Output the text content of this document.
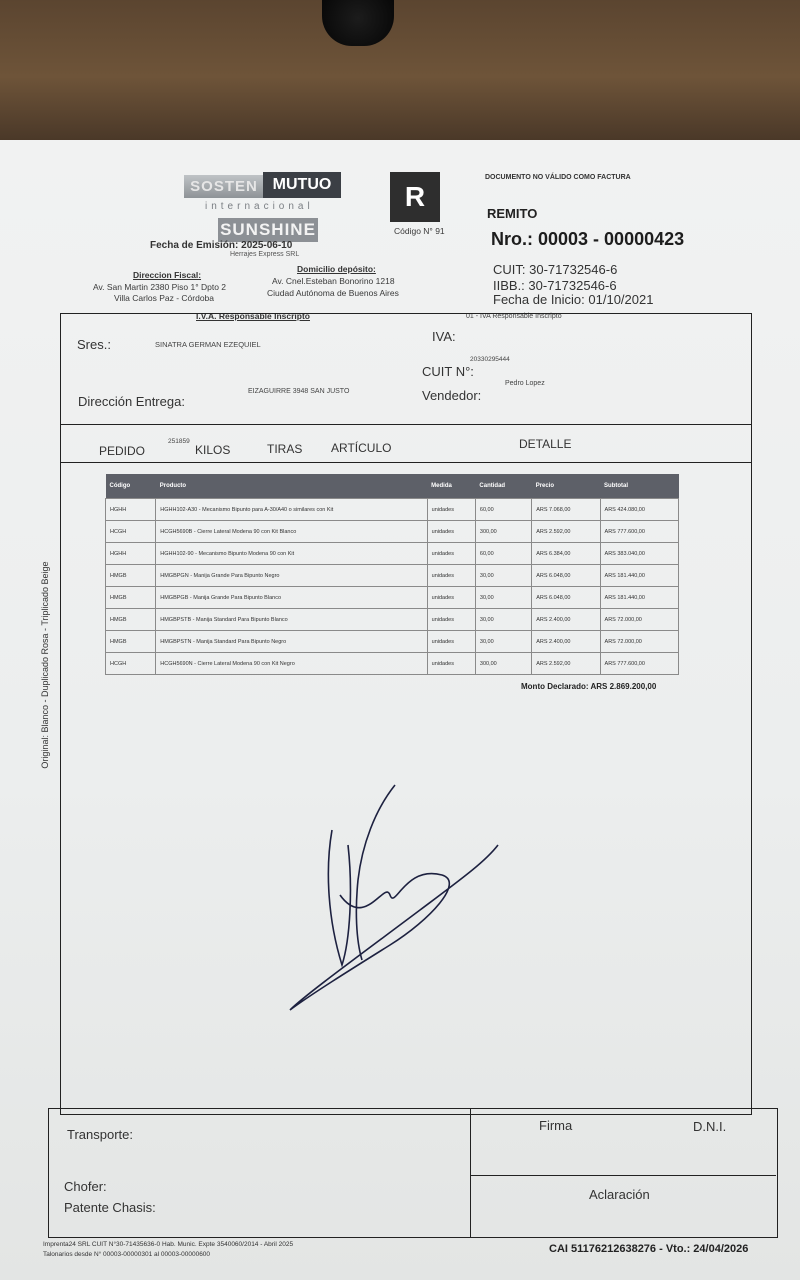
SOSTEN MUTUO
internacional
SUNSHINE
Fecha de Emisión: 2025-06-10
Herrajes Express SRL
R
Código N° 91
DOCUMENTO NO VÁLIDO COMO FACTURA
REMITO
Nro.: 00003 - 00000423
CUIT: 30-71732546-6
IIBB.: 30-71732546-6
Fecha de Inicio: 01/10/2021
Direccion Fiscal:
Av. San Martin 2380 Piso 1° Dpto 2
Villa Carlos Paz - Córdoba
Domicilio depósito:
Av. Cnel.Esteban Bonorino 1218
Ciudad Autónoma de Buenos Aires
I.V.A. Responsable Inscripto	01 - IVA Responsable Inscripto
Sres.:	SINATRA GERMAN EZEQUIEL
IVA:
CUIT N°:
20330295444
Dirección Entrega:
EIZAGUIRRE 3948 SAN JUSTO	Vendedor:
Pedro Lopez
PEDIDO
251859
KILOS	TIRAS ARTÍCULO	DETALLE
Código	Producto	Medida	Cantidad	Precio	Subtotal
HGHH	HGHH102-A30 - Mecanismo Bipunto para A-30/A40 o similares con Kit	unidades	60,00	ARS 7.068,00	ARS 424.080,00
HCGH	HCGH5690B - Cierre Lateral Modena 90 con Kit Blanco	unidades	300,00	ARS 2.592,00	ARS 777.600,00
HGHH	HGHH102-90 - Mecanismo Bipunto Modena 90 con Kit	unidades	60,00	ARS 6.384,00	ARS 383.040,00
HMGB	HMGBPGN - Manija Grande Para Bipunto Negro	unidades	30,00	ARS 6.048,00	ARS 181.440,00
HMGB	HMGBPGB - Manija Grande Para Bipunto Blanco	unidades	30,00	ARS 6.048,00	ARS 181.440,00
HMGB	HMGBPSTB - Manija Standard Para Bipunto Blanco	unidades	30,00	ARS 2.400,00	ARS 72.000,00
HMGB	HMGBPSTN - Manija Standard Para Bipunto Negro	unidades	30,00	ARS 2.400,00	ARS 72.000,00
HCGH	HCGH5690N - Cierre Lateral Modena 90 con Kit Negro	unidades	300,00	ARS 2.592,00	ARS 777.600,00
Monto Declarado: ARS 2.869.200,00
Original: Blanco - Duplicado Rosa - Triplicado Beige
Transporte:
Chofer:
Patente Chasis:
Firma	D.N.I.
Aclaración
Imprenta24 SRL CUIT N°30-71435636-0 Hab. Munic. Expte 3540060/2014 - Abril 2025
Talonarios desde N° 00003-00000301 al 00003-00000600	CAI 51176212638276 - Vto.: 24/04/2026
